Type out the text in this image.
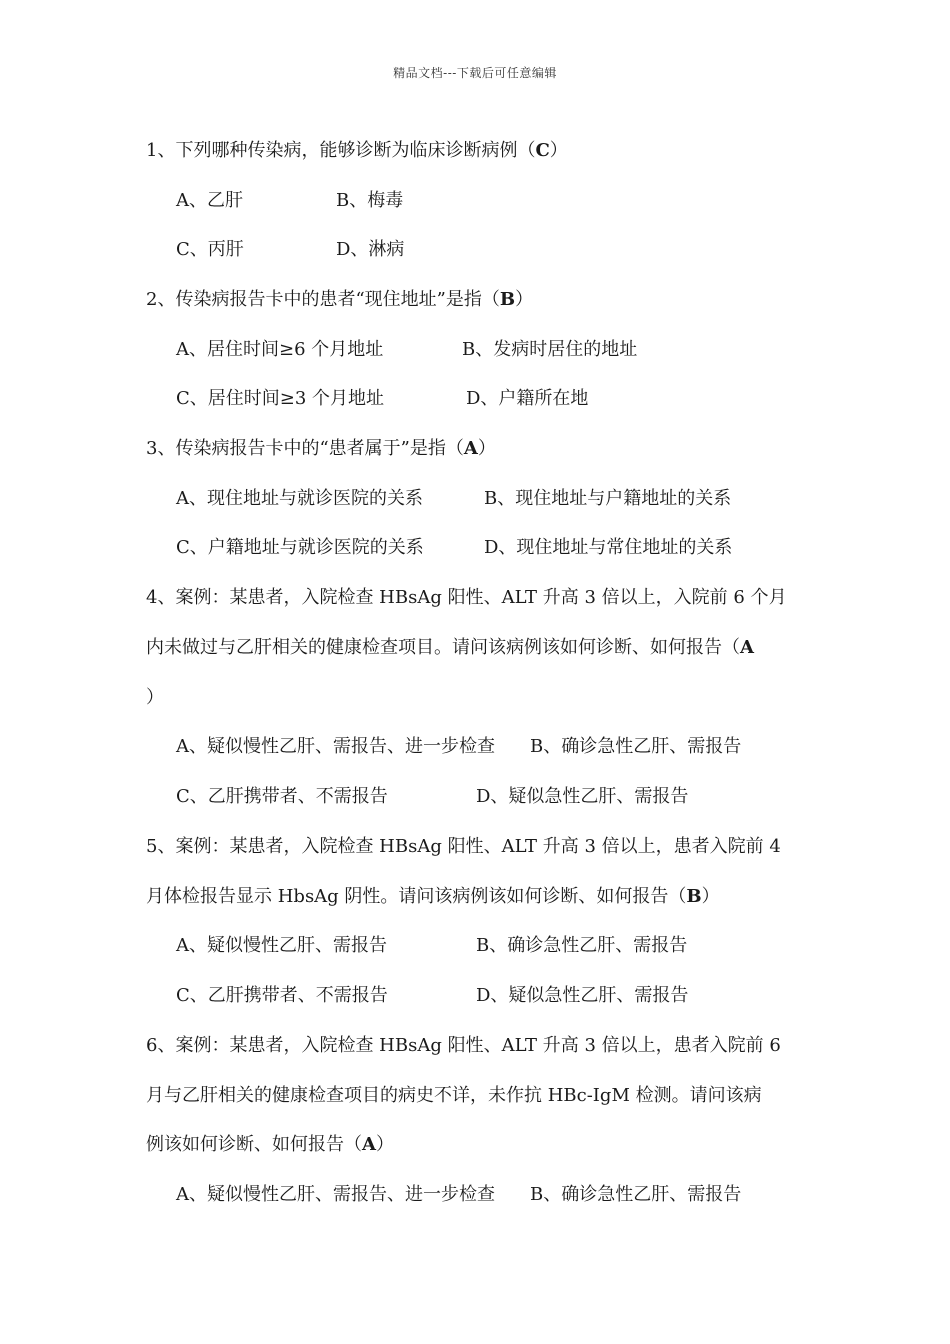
精品文档---下载后可任意编辑
1、下列哪种传染病，能够诊断为临床诊断病例（C）
A、乙肝	B、梅毒
C、丙肝	D、淋病
2、传染病报告卡中的患者“现住地址”是指（B）
A、居住时间≥6 个月地址	B、发病时居住的地址
C、居住时间≥3 个月地址	D、户籍所在地
3、传染病报告卡中的“患者属于”是指（A）
A、现住地址与就诊医院的关系	B、现住地址与户籍地址的关系
C、户籍地址与就诊医院的关系	D、现住地址与常住地址的关系
4、案例：某患者，入院检查 HBsAg 阳性、ALT 升高 3 倍以上，入院前 6 个月
内未做过与乙肝相关的健康检查项目。请问该病例该如何诊断、如何报告（A
）
A、疑似慢性乙肝、需报告、进一步检查 B、确诊急性乙肝、需报告
C、乙肝携带者、不需报告	D、疑似急性乙肝、需报告
5、案例：某患者，入院检查 HBsAg 阳性、ALT 升高 3 倍以上，患者入院前 4
月体检报告显示 HbsAg 阴性。请问该病例该如何诊断、如何报告（B）
A、疑似慢性乙肝、需报告	B、确诊急性乙肝、需报告
C、乙肝携带者、不需报告	D、疑似急性乙肝、需报告
6、案例：某患者，入院检查 HBsAg 阳性、ALT 升高 3 倍以上，患者入院前 6
月与乙肝相关的健康检查项目的病史不详，未作抗 HBc-IgM 检测。请问该病
例该如何诊断、如何报告（A）
A、疑似慢性乙肝、需报告、进一步检查 B、确诊急性乙肝、需报告
